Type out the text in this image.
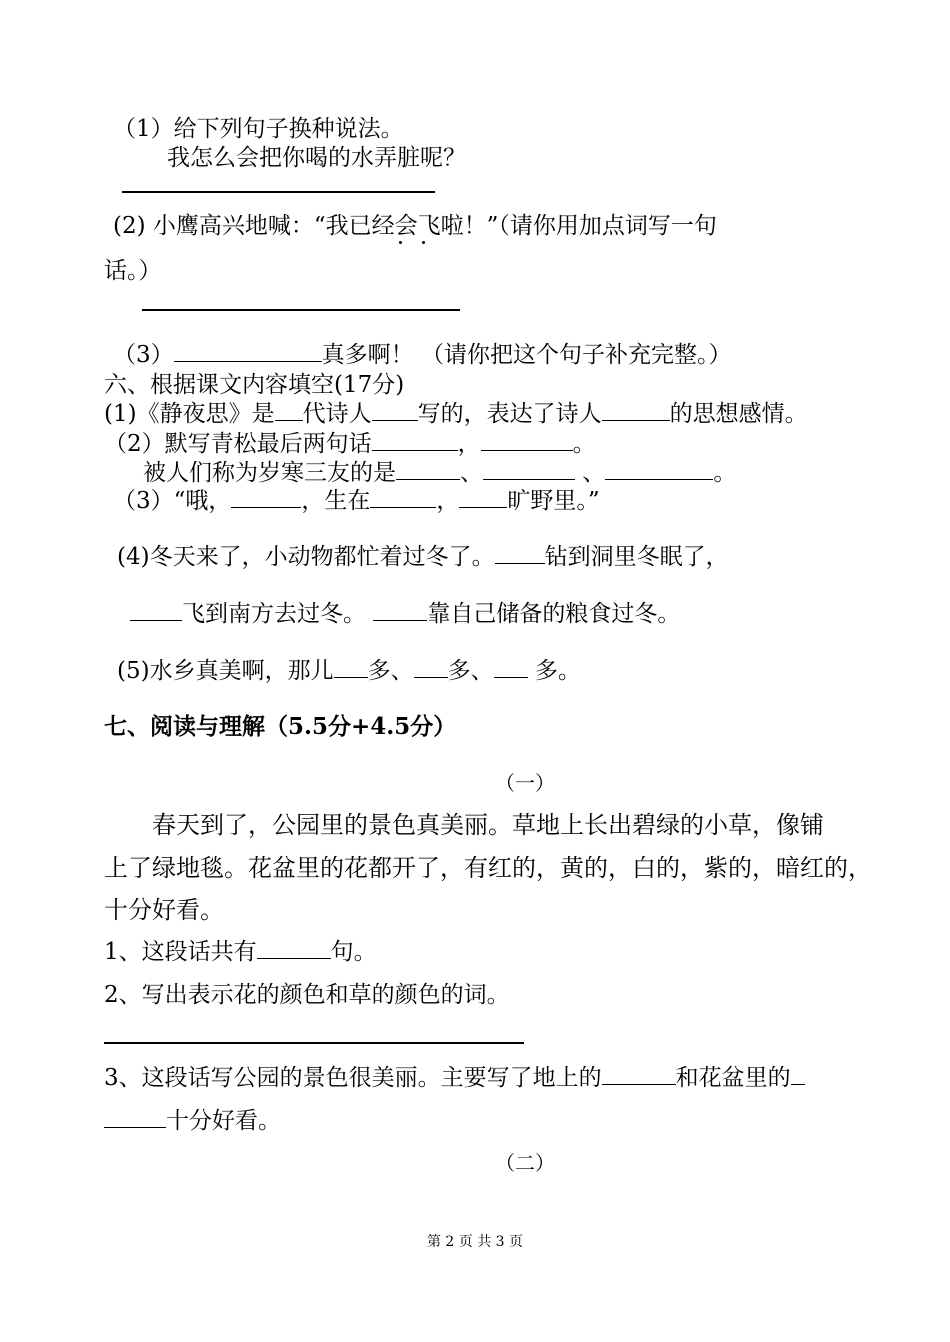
（1）给下列句子换种说法。
我怎么会把你喝的水弄脏呢？
(2) 小鹰高兴地喊：“我已经会飞啦！”（请你用加点词写一句
话。）
（3）	真多啊！ （请你把这个句子补充完整。）
六、根据课文内容填空(17分)
(1)《静夜思》是 代诗人 写的，表达了诗人	的思想感情。
（2）默写青松最后两句话	，	。
被人们称为岁寒三友的是	、	、	。
（3）“哦，	，生在	， 旷野里。”
(4)冬天来了，小动物都忙着过冬了。 钻到洞里冬眠了，
飞到南方去过冬。 靠自己储备的粮食过冬。
(5)水乡真美啊，那儿 多、 多、 多。
七、阅读与理解（5.5分+4.5分）
（一）
春天到了，公园里的景色真美丽。草地上长出碧绿的小草，像铺
上了绿地毯。花盆里的花都开了，有红的，黄的，白的，紫的，暗红的，
十分好看。
1、这段话共有	句。
2、写出表示花的颜色和草的颜色的词。
3、这段话写公园的景色很美丽。主要写了地上的	和花盆里的
十分好看。
（二）
第 2 页 共 3 页
